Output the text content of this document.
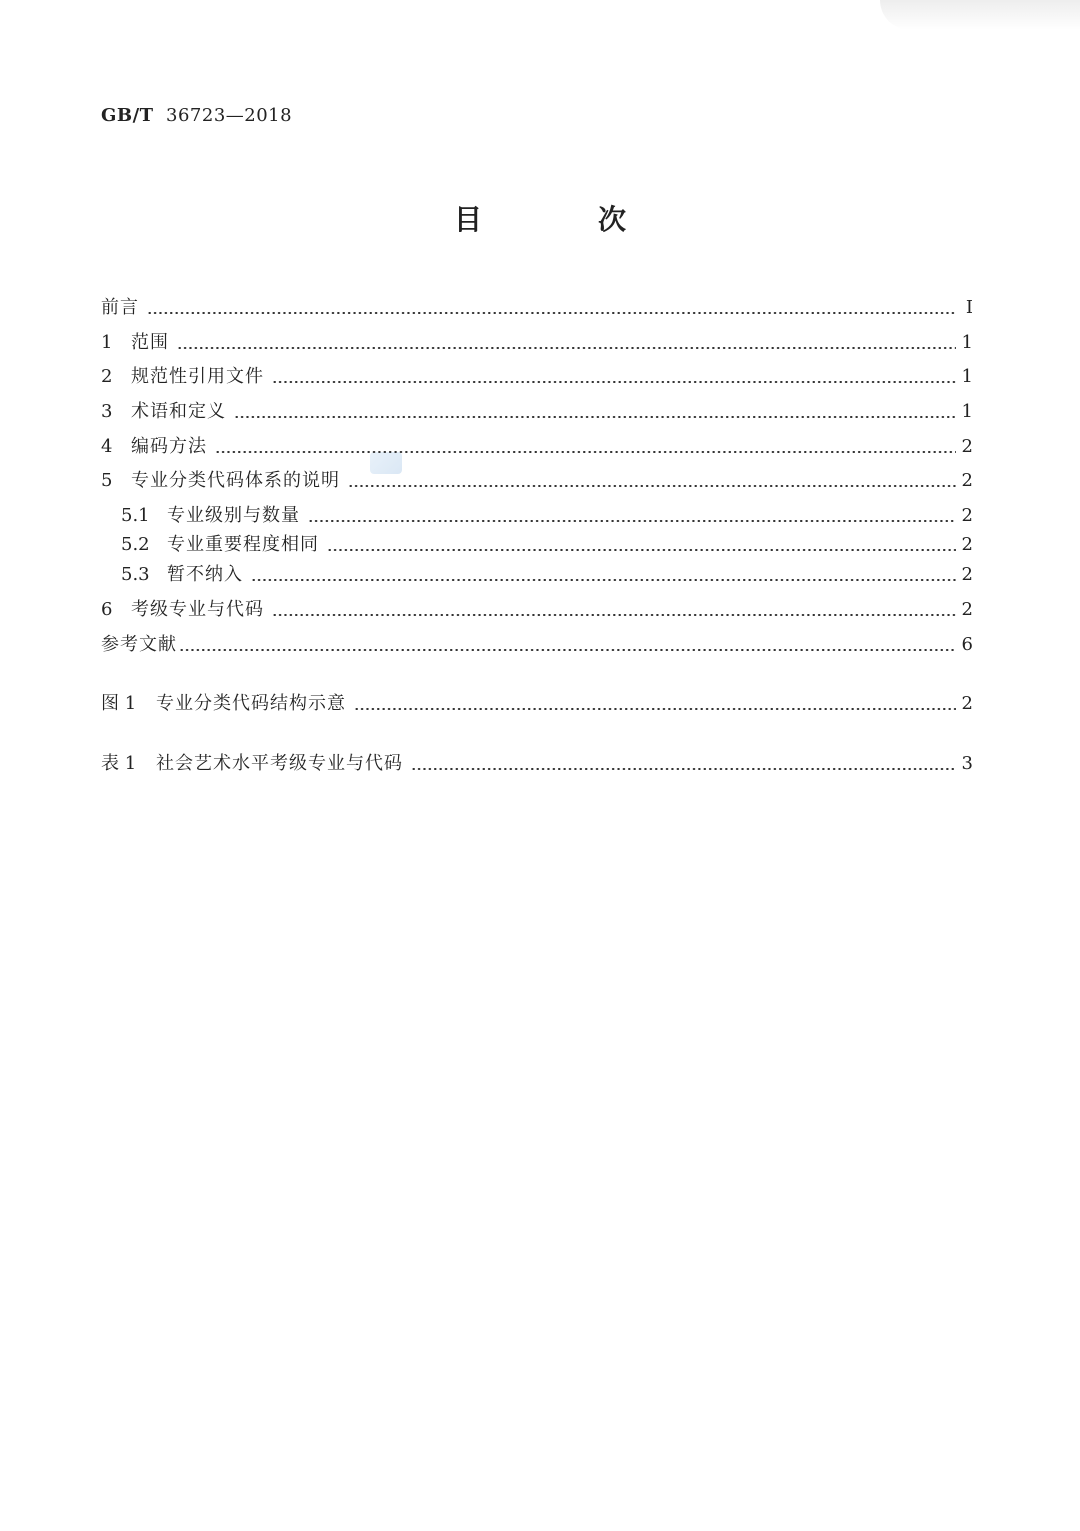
GB/T 36723—2018
目　次
前言	Ⅰ
1	范围	1
2	规范性引用文件	1
3	术语和定义	1
4	编码方法	2
5	专业分类代码体系的说明	2
5.1 专业级别与数量	2
5.2 专业重要程度相同	2
5.3 暂不纳入	2
6	考级专业与代码	2
参考文献	6
图 1	专业分类代码结构示意	2
表 1	社会艺术水平考级专业与代码	3
